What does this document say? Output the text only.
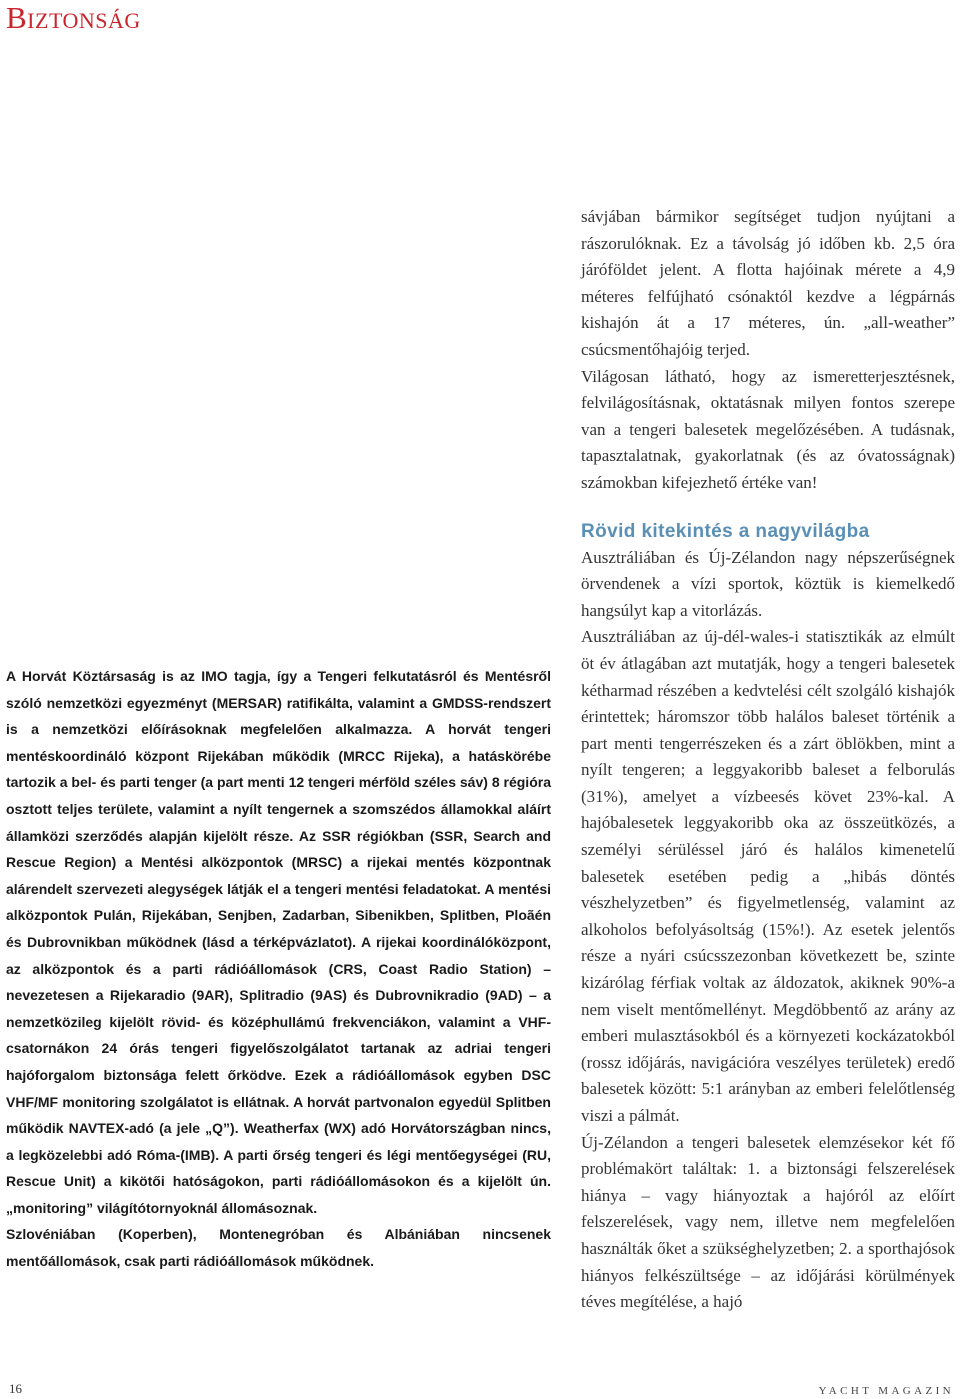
Biztonság

sávjában bármikor segítséget tudjon nyújtani a rászorulóknak. Ez a távolság jó időben kb. 2,5 óra járóföldet jelent. A flotta hajóinak mérete a 4,9 méteres felfújható csónaktól kezdve a légpárnás kishajón át a 17 méteres, ún. „all-weather” csúcsmentőhajóig terjed.

Világosan látható, hogy az ismeretterjesztésnek, felvilágosításnak, oktatásnak milyen fontos szerepe van a tengeri balesetek megelőzésében. A tudásnak, tapasztalatnak, gyakorlatnak (és az óvatosságnak) számokban kifejezhető értéke van!

Rövid kitekintés a nagyvilágba

Ausztráliában és Új-Zélandon nagy népszerűségnek örvendenek a vízi sportok, köztük is kiemelkedő hangsúlyt kap a vitorlázás.

Ausztráliában az új-dél-wales-i statisztikák az elmúlt öt év átlagában azt mutatják, hogy a tengeri balesetek kétharmad részében a kedvtelési célt szolgáló kishajók érintettek; háromszor több halálos baleset történik a part menti tengerrészeken és a zárt öblökben, mint a nyílt tengeren; a leggyakoribb baleset a felborulás (31%), amelyet a vízbeesés követ 23%-kal. A hajóbalesetek leggyakoribb oka az összeütközés, a személyi sérüléssel járó és halálos kimenetelű balesetek esetében pedig a „hibás döntés vészhelyzetben” és figyelmetlenség, valamint az alkoholos befolyásoltság (15%!). Az esetek jelentős része a nyári csúcsszezonban következett be, szinte kizárólag férfiak voltak az áldozatok, akiknek 90%-a nem viselt mentőmellényt. Megdöbbentő az arány az emberi mulasztásokból és a környezeti kockázatokból (rossz időjárás, navigációra veszélyes területek) eredő balesetek között: 5:1 arányban az emberi felelőtlenség viszi a pálmát.

Új-Zélandon a tengeri balesetek elemzésekor két fő problémakört találtak: 1. a biztonsági felszerelések hiánya – vagy hiányoztak a hajóról az előírt felszerelések, vagy nem, illetve nem megfelelően használták őket a szükséghelyzetben; 2. a sporthajósok hiányos felkészültsége – az időjárási körülmények téves megítélése, a hajó

A Horvát Köztársaság is az IMO tagja, így a Tengeri felkutatásról és Mentésről szóló nemzetközi egyezményt (MERSAR) ratifikálta, valamint a GMDSS-rendszert is a nemzetközi előírásoknak megfelelően alkalmazza. A horvát tengeri mentéskoordináló központ Rijekában működik (MRCC Rijeka), a hatáskörébe tartozik a bel- és parti tenger (a part menti 12 tengeri mérföld széles sáv) 8 régióra osztott teljes területe, valamint a nyílt tengernek a szomszédos államokkal aláírt államközi szerződés alapján kijelölt része. Az SSR régiókban (SSR, Search and Rescue Region) a Mentési alközpontok (MRSC) a rijekai mentés központnak alárendelt szervezeti alegységek látják el a tengeri mentési feladatokat. A mentési alközpontok Pulán, Rijekában, Senjben, Zadarban, Sibenikben, Splitben, Ploãén és Dubrovnikban működnek (lásd a térképvázlatot). A rijekai koordinálóközpont, az alközpontok és a parti rádióállomások (CRS, Coast Radio Station) – nevezetesen a Rijekaradio (9AR), Splitradio (9AS) és Dubrovnikradio (9AD) – a nemzetközileg kijelölt rövid- és középhullámú frekvenciákon, valamint a VHF-csatornákon 24 órás tengeri figyelőszolgálatot tartanak az adriai tengeri hajóforgalom biztonsága felett őrködve. Ezek a rádióállomások egyben DSC VHF/MF monitoring szolgálatot is ellátnak. A horvát partvonalon egyedül Splitben működik NAVTEX-adó (a jele „Q”). Weatherfax (WX) adó Horvátországban nincs, a legközelebbi adó Róma-(IMB). A parti őrség tengeri és légi mentőegységei (RU, Rescue Unit) a kikötői hatóságokon, parti rádióállomásokon és a kijelölt ún. „monitoring” világítótornyoknál állomásoznak.

Szlovéniában (Koperben), Montenegróban és Albániában nincsenek mentőállomások, csak parti rádióállomások működnek.

16	YACHT MAGAZIN
